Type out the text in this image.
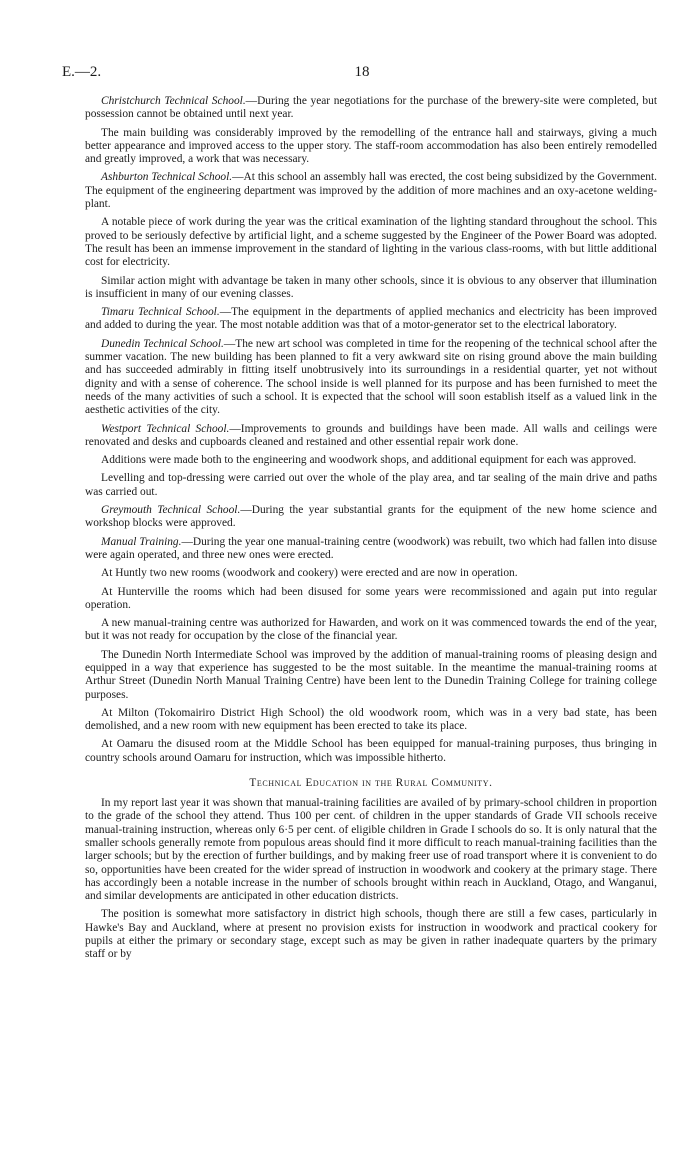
E.—2.	18

Christchurch Technical School.—During the year negotiations for the purchase of the brewery-site were completed, but possession cannot be obtained until next year.

The main building was considerably improved by the remodelling of the entrance hall and stairways, giving a much better appearance and improved access to the upper story. The staff-room accommodation has also been entirely remodelled and greatly improved, a work that was necessary.

Ashburton Technical School.—At this school an assembly hall was erected, the cost being subsidized by the Government. The equipment of the engineering department was improved by the addition of more machines and an oxy-acetone welding-plant.

A notable piece of work during the year was the critical examination of the lighting standard throughout the school. This proved to be seriously defective by artificial light, and a scheme suggested by the Engineer of the Power Board was adopted. The result has been an immense improvement in the standard of lighting in the various class-rooms, with but little additional cost for electricity.

Similar action might with advantage be taken in many other schools, since it is obvious to any observer that illumination is insufficient in many of our evening classes.

Timaru Technical School.—The equipment in the departments of applied mechanics and electricity has been improved and added to during the year. The most notable addition was that of a motor-generator set to the electrical laboratory.

Dunedin Technical School.—The new art school was completed in time for the reopening of the technical school after the summer vacation. The new building has been planned to fit a very awkward site on rising ground above the main building and has succeeded admirably in fitting itself unobtrusively into its surroundings in a residential quarter, yet not without dignity and with a sense of coherence. The school inside is well planned for its purpose and has been furnished to meet the needs of the many activities of such a school. It is expected that the school will soon establish itself as a valued link in the aesthetic activities of the city.

Westport Technical School.—Improvements to grounds and buildings have been made. All walls and ceilings were renovated and desks and cupboards cleaned and restained and other essential repair work done.

Additions were made both to the engineering and woodwork shops, and additional equipment for each was approved.

Levelling and top-dressing were carried out over the whole of the play area, and tar sealing of the main drive and paths was carried out.

Greymouth Technical School.—During the year substantial grants for the equipment of the new home science and workshop blocks were approved.

Manual Training.—During the year one manual-training centre (woodwork) was rebuilt, two which had fallen into disuse were again operated, and three new ones were erected.

At Huntly two new rooms (woodwork and cookery) were erected and are now in operation.

At Hunterville the rooms which had been disused for some years were recommissioned and again put into regular operation.

A new manual-training centre was authorized for Hawarden, and work on it was commenced towards the end of the year, but it was not ready for occupation by the close of the financial year.

The Dunedin North Intermediate School was improved by the addition of manual-training rooms of pleasing design and equipped in a way that experience has suggested to be the most suitable. In the meantime the manual-training rooms at Arthur Street (Dunedin North Manual Training Centre) have been lent to the Dunedin Training College for training college purposes.

At Milton (Tokomairiro District High School) the old woodwork room, which was in a very bad state, has been demolished, and a new room with new equipment has been erected to take its place.

At Oamaru the disused room at the Middle School has been equipped for manual-training purposes, thus bringing in country schools around Oamaru for instruction, which was impossible hitherto.

Technical Education in the Rural Community.

In my report last year it was shown that manual-training facilities are availed of by primary-school children in proportion to the grade of the school they attend. Thus 100 per cent. of children in the upper standards of Grade VII schools receive manual-training instruction, whereas only 6·5 per cent. of eligible children in Grade I schools do so. It is only natural that the smaller schools generally remote from populous areas should find it more difficult to reach manual-training facilities than the larger schools; but by the erection of further buildings, and by making freer use of road transport where it is convenient to do so, opportunities have been created for the wider spread of instruction in woodwork and cookery at the primary stage. There has accordingly been a notable increase in the number of schools brought within reach in Auckland, Otago, and Wanganui, and similar developments are anticipated in other education districts.

The position is somewhat more satisfactory in district high schools, though there are still a few cases, particularly in Hawke's Bay and Auckland, where at present no provision exists for instruction in woodwork and practical cookery for pupils at either the primary or secondary stage, except such as may be given in rather inadequate quarters by the primary staff or by
